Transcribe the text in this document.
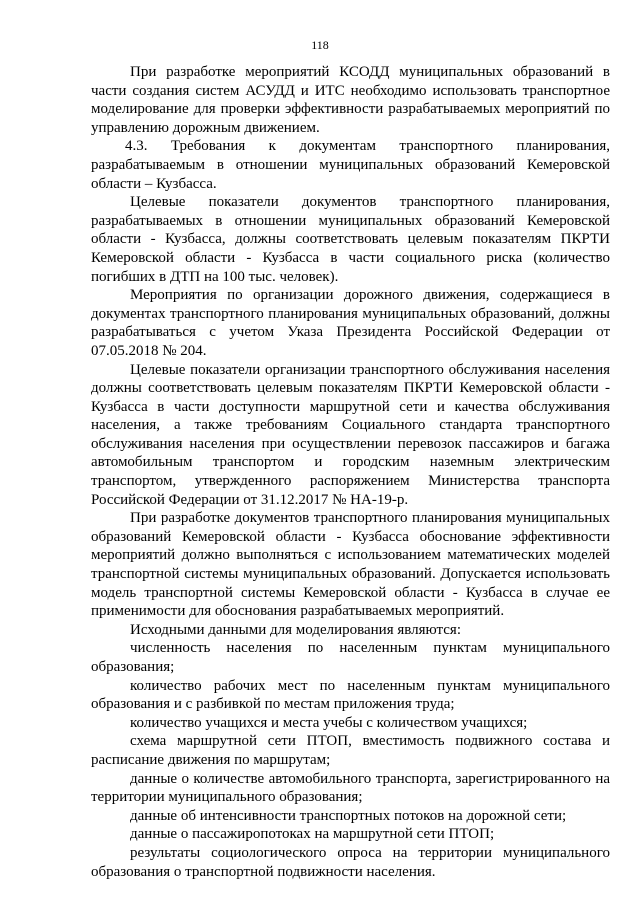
118

При разработке мероприятий КСОДД муниципальных образований в части создания систем АСУДД и ИТС необходимо использовать транспортное моделирование для проверки эффективности разрабатываемых мероприятий по управлению дорожным движением.

4.3. Требования к документам транспортного планирования, разрабатываемым в отношении муниципальных образований Кемеровской области – Кузбасса.

Целевые показатели документов транспортного планирования, разрабатываемых в отношении муниципальных образований Кемеровской области - Кузбасса, должны соответствовать целевым показателям ПКРТИ Кемеровской области - Кузбасса в части социального риска (количество погибших в ДТП на 100 тыс. человек).

Мероприятия по организации дорожного движения, содержащиеся в документах транспортного планирования муниципальных образований, должны разрабатываться с учетом Указа Президента Российской Федерации от 07.05.2018 № 204.

Целевые показатели организации транспортного обслуживания населения должны соответствовать целевым показателям ПКРТИ Кемеровской области - Кузбасса в части доступности маршрутной сети и качества обслуживания населения, а также требованиям Социального стандарта транспортного обслуживания населения при осуществлении перевозок пассажиров и багажа автомобильным транспортом и городским наземным электрическим транспортом, утвержденного распоряжением Министерства транспорта Российской Федерации от 31.12.2017 № НА-19-р.

При разработке документов транспортного планирования муниципальных образований Кемеровской области - Кузбасса обоснование эффективности мероприятий должно выполняться с использованием математических моделей транспортной системы муниципальных образований. Допускается использовать модель транспортной системы Кемеровской области - Кузбасса в случае ее применимости для обоснования разрабатываемых мероприятий.

Исходными данными для моделирования являются:

численность населения по населенным пунктам муниципального образования;

количество рабочих мест по населенным пунктам муниципального образования и с разбивкой по местам приложения труда;

количество учащихся и места учебы с количеством учащихся;

схема маршрутной сети ПТОП, вместимость подвижного состава и расписание движения по маршрутам;

данные о количестве автомобильного транспорта, зарегистрированного на территории муниципального образования;

данные об интенсивности транспортных потоков на дорожной сети;

данные о пассажиропотоках на маршрутной сети ПТОП;

результаты социологического опроса на территории муниципального образования о транспортной подвижности населения.
